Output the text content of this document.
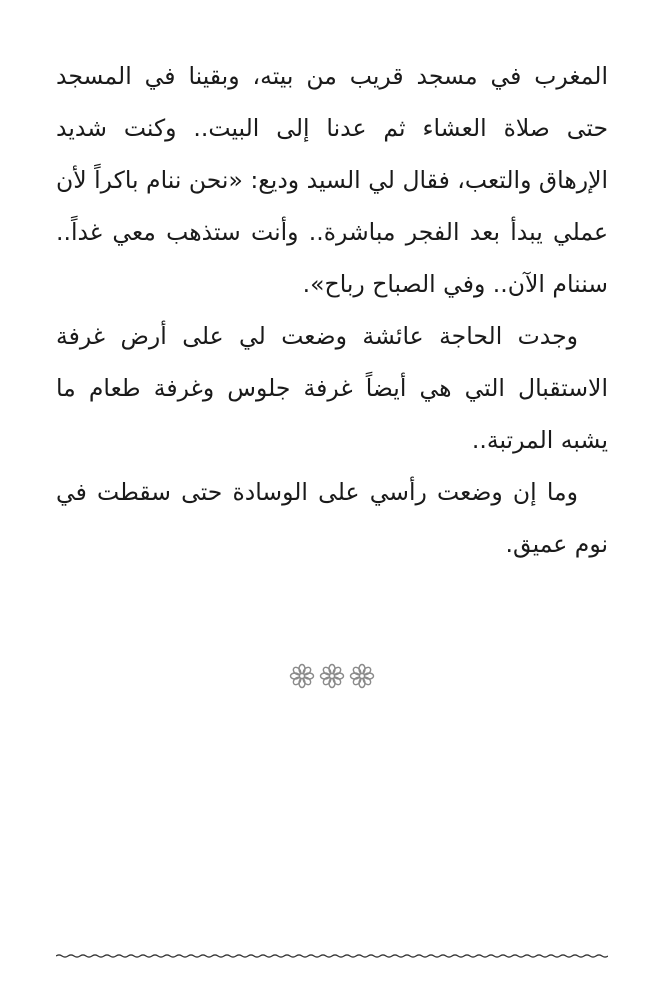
المغرب في مسجد قريب من بيته، وبقينا في المسجد حتى صلاة العشاء ثم عدنا إلى البيت.. وكنت شديد الإرهاق والتعب، فقال لي السيد وديع: «نحن ننام باكراً لأن عملي يبدأ بعد الفجر مباشرة.. وأنت ستذهب معي غداً.. سننام الآن.. وفي الصباح رباح».

وجدت الحاجة عائشة وضعت لي على أرض غرفة الاستقبال التي هي أيضاً غرفة جلوس وغرفة طعام ما يشبه المرتبة..

وما إن وضعت رأسي على الوسادة حتى سقطت في نوم عميق.
